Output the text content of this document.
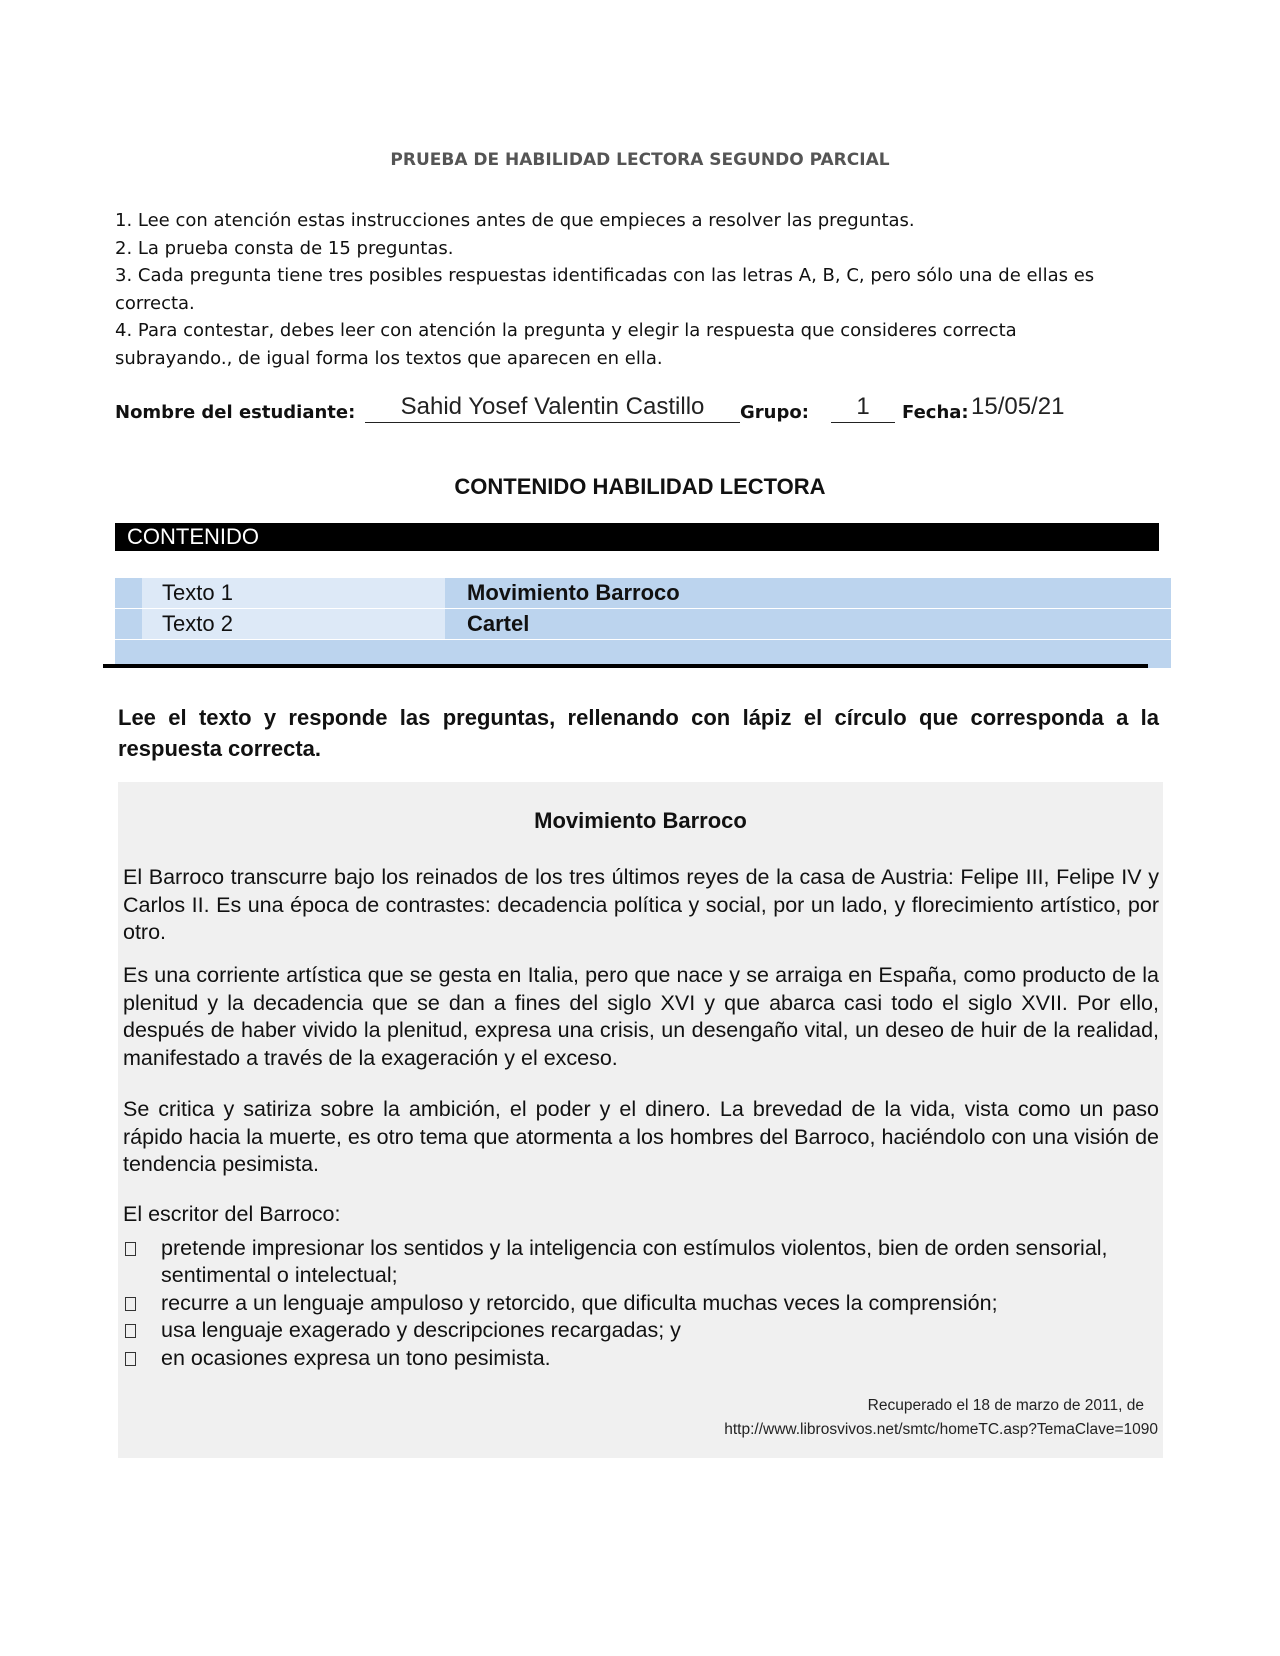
PRUEBA DE HABILIDAD LECTORA SEGUNDO PARCIAL
1. Lee con atención estas instrucciones antes de que empieces a resolver las preguntas.
2. La prueba consta de 15 preguntas.
3. Cada pregunta tiene tres posibles respuestas identificadas con las letras A, B, C, pero sólo una de ellas es correcta.
4. Para contestar, debes leer con atención la pregunta y elegir la respuesta que consideres correcta subrayando., de igual forma los textos que aparecen en ella.
Nombre del estudiante:	Sahid Yosef Valentin Castillo	Grupo:	1	Fecha: 15/05/21
CONTENIDO HABILIDAD LECTORA
CONTENIDO
Texto 1	Movimiento Barroco
Texto 2	Cartel
Lee el texto y responde las preguntas, rellenando con lápiz el círculo que corresponda a la respuesta correcta.
Movimiento Barroco
El Barroco transcurre bajo los reinados de los tres últimos reyes de la casa de Austria: Felipe III, Felipe IV y Carlos II. Es una época de contrastes: decadencia política y social, por un lado, y florecimiento artístico, por otro.
Es una corriente artística que se gesta en Italia, pero que nace y se arraiga en España, como producto de la plenitud y la decadencia que se dan a fines del siglo XVI y que abarca casi todo el siglo XVII. Por ello, después de haber vivido la plenitud, expresa una crisis, un desengaño vital, un deseo de huir de la realidad, manifestado a través de la exageración y el exceso.
Se critica y satiriza sobre la ambición, el poder y el dinero. La brevedad de la vida, vista como un paso rápido hacia la muerte, es otro tema que atormenta a los hombres del Barroco, haciéndolo con una visión de tendencia pesimista.
El escritor del Barroco:
pretende impresionar los sentidos y la inteligencia con estímulos violentos, bien de orden sensorial, sentimental o intelectual;
recurre a un lenguaje ampuloso y retorcido, que dificulta muchas veces la comprensión;
usa lenguaje exagerado y descripciones recargadas; y
en ocasiones expresa un tono pesimista.
Recuperado el 18 de marzo de 2011, de
http://www.librosvivos.net/smtc/homeTC.asp?TemaClave=1090
